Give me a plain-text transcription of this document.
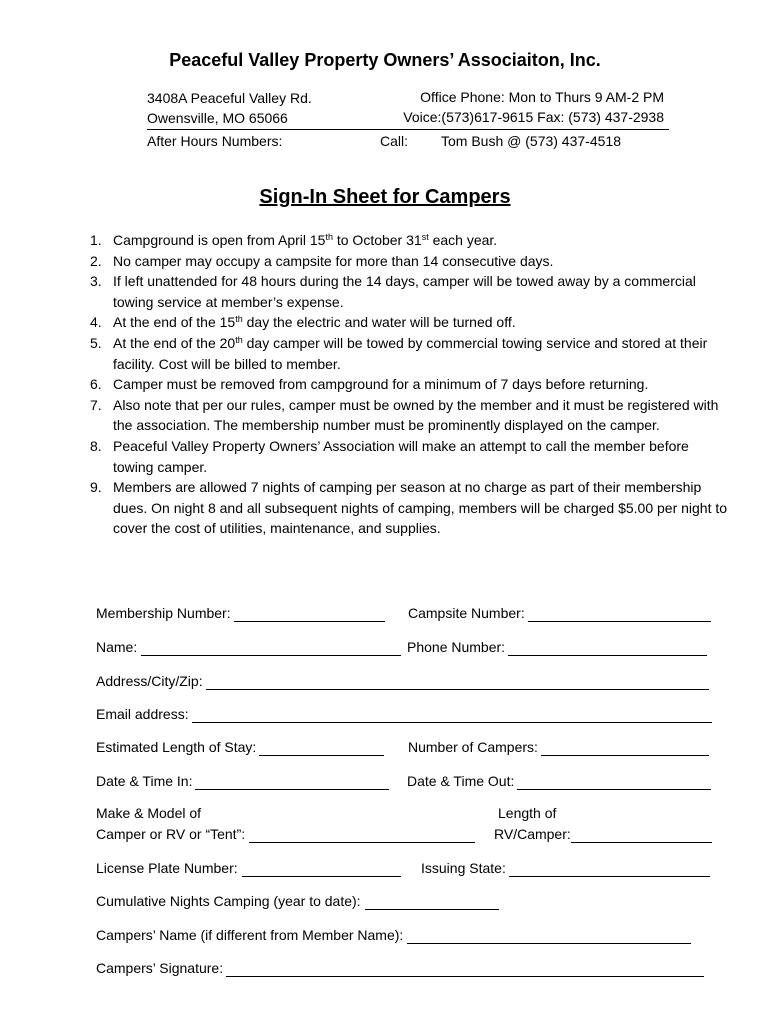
Peaceful Valley Property Owners’ Associaiton, Inc.
3408A Peaceful Valley Rd.
Owensville, MO 65066
Office Phone: Mon to Thurs 9 AM-2 PM
Voice:(573)617-9615 Fax: (573) 437-2938
After Hours Numbers:	Call: Tom Bush @ (573) 437-4518
Sign-In Sheet for Campers
1. Campground is open from April 15th to October 31st each year.
2. No camper may occupy a campsite for more than 14 consecutive days.
3. If left unattended for 48 hours during the 14 days, camper will be towed away by a commercial towing service at member’s expense.
4. At the end of the 15th day the electric and water will be turned off.
5. At the end of the 20th day camper will be towed by commercial towing service and stored at their facility. Cost will be billed to member.
6. Camper must be removed from campground for a minimum of 7 days before returning.
7. Also note that per our rules, camper must be owned by the member and it must be registered with the association. The membership number must be prominently displayed on the camper.
8. Peaceful Valley Property Owners’ Association will make an attempt to call the member before towing camper.
9. Members are allowed 7 nights of camping per season at no charge as part of their membership dues. On night 8 and all subsequent nights of camping, members will be charged $5.00 per night to cover the cost of utilities, maintenance, and supplies.
Membership Number:	Campsite Number:
Name:	Phone Number:
Address/City/Zip:
Email address:
Estimated Length of Stay:	Number of Campers:
Date & Time In:	Date & Time Out:
Make & Model of
Camper or RV or “Tent”:
Length of
RV/Camper:
License Plate Number:	Issuing State:
Cumulative Nights Camping (year to date):
Campers’ Name (if different from Member Name):
Campers’ Signature:
